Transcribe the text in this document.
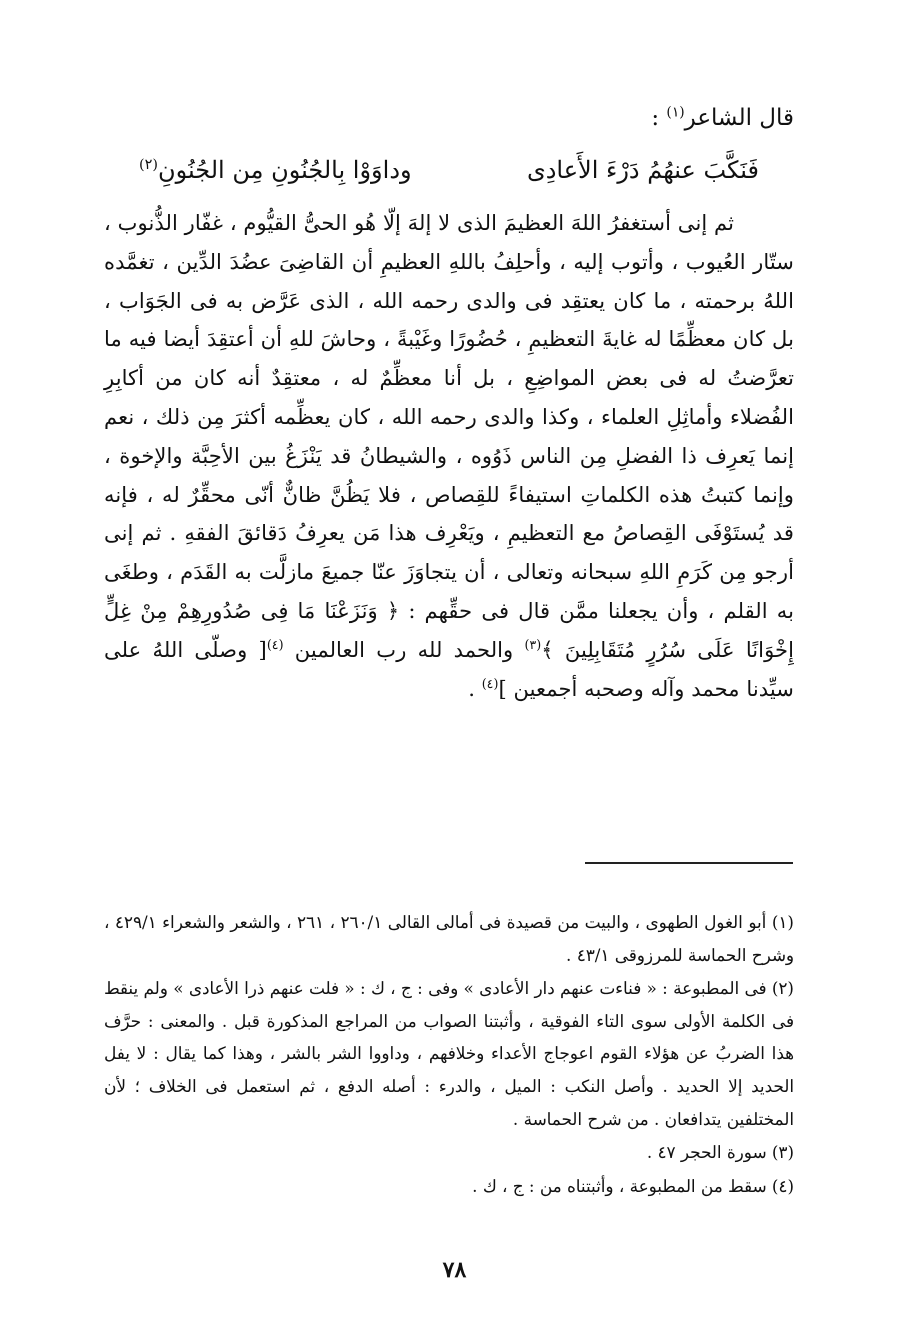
قال الشاعر$^{(١)}$ :
فَنَكَّبَ عنهُمُ دَرْءَ الأَعادِى
وداوَوْا بِالجُنُونِ مِن الجُنُونِ$^{(٢)}$

ثم إنى أستغفرُ اللهَ العظيمَ الذى لا إلهَ إلّا هُو الحىُّ القيُّوم ، غفّار الذُّنوب ، ستّار العُيوب ، وأتوب إليه ، وأحلِفُ باللهِ العظيمِ أن القاضِىَ عضُدَ الدِّين ، تغمَّده اللهُ برحمته ، ما كان يعتقِد فى والدى رحمه الله ، الذى عَرَّض به فى الجَوَاب ، بل كان معظِّمًا له غايةَ التعظيمِ ، حُضُورًا وغَيْبةً ، وحاشَ للهِ أن أعتقِدَ أيضا فيه ما تعرَّضتُ له فى بعض المواضِعِ ، بل أنا معظِّمٌ له ، معتقِدٌ أنه كان من أكابِرِ الفُضلاء وأماثِلِ العلماء ، وكذا والدى رحمه الله ، كان يعظِّمه أكثرَ مِن ذلك ، نعم إنما يَعرِف ذا الفضلِ مِن الناس ذَوُوه ، والشيطانُ قد يَنْزَغُ بين الأحِبَّة والإخوة ، وإنما كتبتُ هذه الكلماتِ استيفاءً للقِصاص ، فلا يَظُنَّ ظانٌّ أنّى محقِّرٌ له ، فإنه قد يُستَوْفَى القِصاصُ مع التعظيمِ ، ويَعْرِف هذا مَن يعرِفُ دَقائقَ الفقهِ . ثم إنى أرجو مِن كَرَمِ اللهِ سبحانه وتعالى ، أن يتجاوَزَ عنّا جميعَ مازلَّت به القَدَم ، وطغَى به القلم ، وأن يجعلنا ممَّن قال فى حقِّهم : ﴿ وَنَزَعْنَا مَا فِى صُدُورِهِمْ مِنْ غِلٍّ إِخْوَانًا عَلَى سُرُرٍ مُتَقَابِلِينَ ﴾$^{(٣)}$ والحمد لله رب العالمين $^{(٤)}$[ وصلّى اللهُ على سيِّدنا محمد وآله وصحبه أجمعين ]$^{(٤)}$ .

(١) أبو الغول الطهوى ، والبيت من قصيدة فى أمالى القالى ٢٦٠/١ ، ٢٦١ ، والشعر والشعراء ٤٢٩/١ ، وشرح الحماسة للمرزوقى ٤٣/١ .

(٢) فى المطبوعة : « فناءت عنهم دار الأعادى » وفى : ج ، ك : « فلت عنهم ذرا الأعادى » ولم ينقط فى الكلمة الأولى سوى التاء الفوقية ، وأثبتنا الصواب من المراجع المذكورة قبل . والمعنى : حرَّف هذا الضربُ عن هؤلاء القوم اعوجاج الأعداء وخلافهم ، وداووا الشر بالشر ، وهذا كما يقال : لا يفل الحديد إلا الحديد . وأصل النكب : الميل ، والدرء : أصله الدفع ، ثم استعمل فى الخلاف ؛ لأن المختلفين يتدافعان . من شرح الحماسة .

(٣) سورة الحجر ٤٧ .

(٤) سقط من المطبوعة ، وأثبتناه من : ج ، ك .

٧٨
